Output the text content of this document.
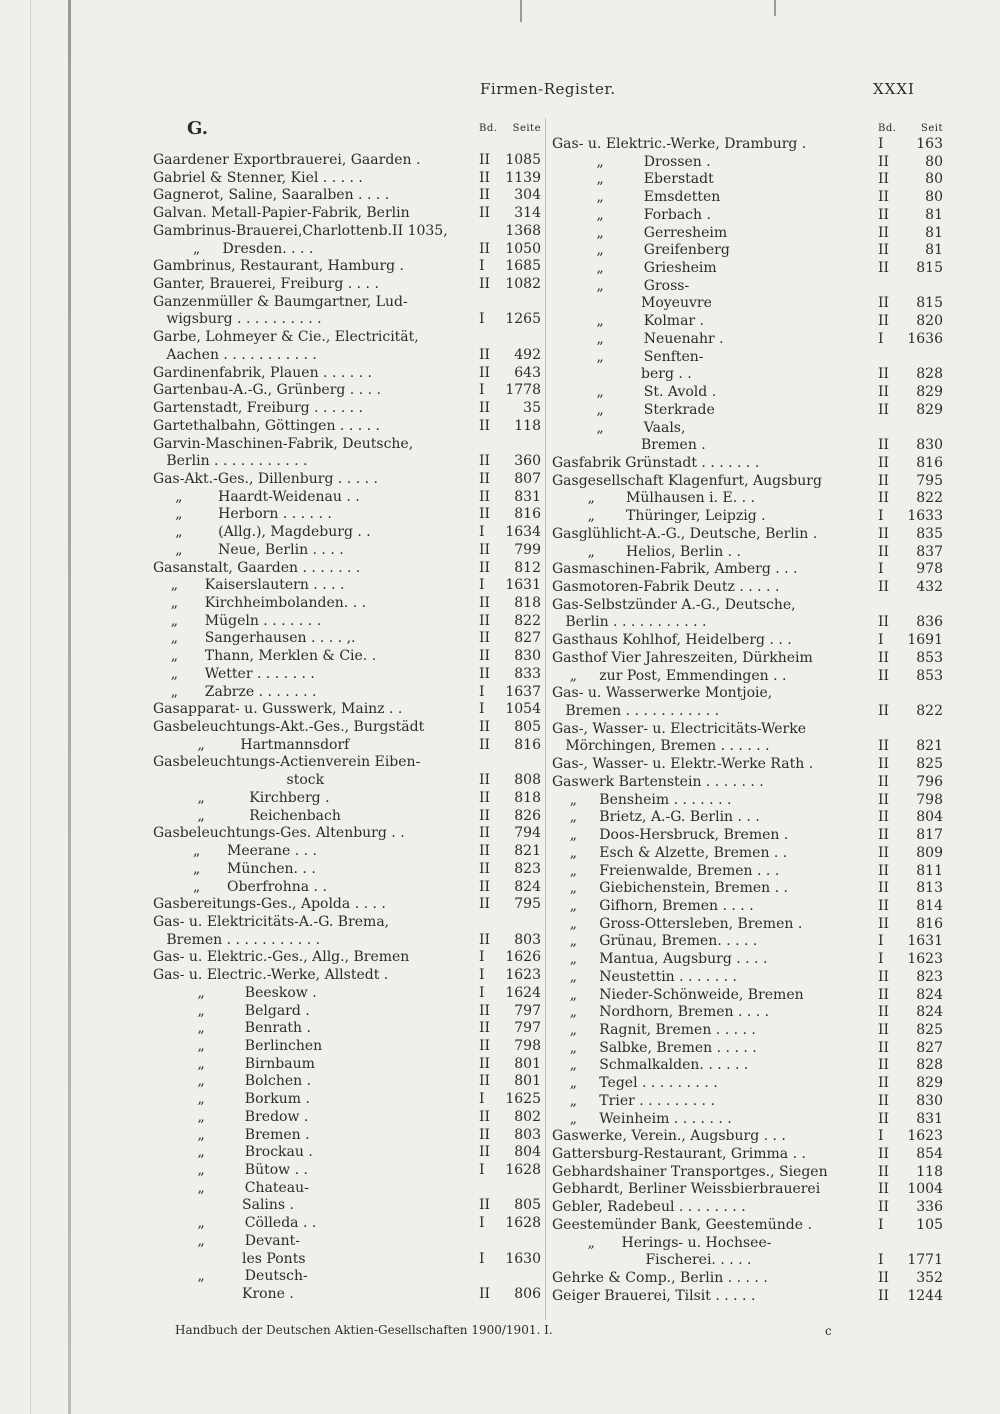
Firmen-Register.	XXXI
G.	Bd. Seite
Gaardener Exportbrauerei, Gaarden .	II 1085
Gabriel & Stenner, Kiel . . . . .	II 1139
Gagnerot, Saline, Saaralben . . . .	II 304
Galvan. Metall-Papier-Fabrik, Berlin	II 314
Gambrinus-Brauerei,Charlottenb.II 1035,	1368
„     Dresden. . . .	II 1050
Gambrinus, Restaurant, Hamburg .	I 1685
Ganter, Brauerei, Freiburg . . . .	II 1082
Ganzenmüller & Baumgartner, Lud-
wigsburg . . . . . . . . . .	I 1265
Garbe, Lohmeyer & Cie., Electricität,
Aachen . . . . . . . . . . .	II 492
Gardinenfabrik, Plauen . . . . . .	II 643
Gartenbau-A.-G., Grünberg . . . .	I 1778
Gartenstadt, Freiburg . . . . . .	II 35
Gartethalbahn, Göttingen . . . . .	II 118
Garvin-Maschinen-Fabrik, Deutsche,
Berlin . . . . . . . . . . .	II 360
Gas-Akt.-Ges., Dillenburg . . . . .	II 807
„        Haardt-Weidenau . .	II 831
„        Herborn . . . . . .	II 816
„        (Allg.), Magdeburg . .	I 1634
„        Neue, Berlin . . . .	II 799
Gasanstalt, Gaarden . . . . . . .	II 812
„      Kaiserslautern . . . .	I 1631
„      Kirchheimbolanden. . .	II 818
„      Mügeln . . . . . . .	II 822
„      Sangerhausen . . . . ,.	II 827
„      Thann, Merklen & Cie. .	II 830
„      Wetter . . . . . . .	II 833
„      Zabrze . . . . . . .	I 1637
Gasapparat- u. Gusswerk, Mainz . .	I 1054
Gasbeleuchtungs-Akt.-Ges., Burgstädt	II 805
„        Hartmannsdorf	II 816
Gasbeleuchtungs-Actienverein Eiben-
stock	II 808
„          Kirchberg .	II 818
„          Reichenbach	II 826
Gasbeleuchtungs-Ges. Altenburg . .	II 794
„      Meerane . . .	II 821
„      München. . .	II 823
„      Oberfrohna . .	II 824
Gasbereitungs-Ges., Apolda . . . .	II 795
Gas- u. Elektricitäts-A.-G. Brema,
Bremen . . . . . . . . . . .	II 803
Gas- u. Elektric.-Ges., Allg., Bremen	I 1626
Gas- u. Electric.-Werke, Allstedt .	I 1623
„         Beeskow .	I 1624
„         Belgard .	II 797
„         Benrath .	II 797
„         Berlinchen	II 798
„         Birnbaum	II 801
„         Bolchen .	II 801
„         Borkum .	I 1625
„         Bredow .	II 802
„         Bremen .	II 803
„         Brockau .	II 804
„         Bütow . .	I 1628
„         Chateau-
Salins .	II 805
„         Cölleda . .	I 1628
„         Devant-
les Ponts	I 1630
„         Deutsch-
Krone .	II 806
Bd. Seit
Gas- u. Elektric.-Werke, Dramburg .	I 163
„         Drossen .	II	80
„         Eberstadt	II	80
„         Emsdetten	II	80
„         Forbach .	II	81
„         Gerresheim	II	81
„         Greifenberg	II	81
„         Griesheim	II 815
„         Gross-
Moyeuvre	II 815
„         Kolmar .	II 820
„         Neuenahr .	I 1636
„         Senften-
berg . .	II 828
„         St. Avold .	II 829
„         Sterkrade	II 829
„         Vaals,
Bremen .	II 830
Gasfabrik Grünstadt . . . . . . .	II 816
Gasgesellschaft Klagenfurt, Augsburg	II 795
„       Mülhausen i. E. . .	II 822
„       Thüringer, Leipzig .	I 1633
Gasglühlicht-A.-G., Deutsche, Berlin .	II 835
„       Helios, Berlin . .	II 837
Gasmaschinen-Fabrik, Amberg . . .	I 978
Gasmotoren-Fabrik Deutz . . . . .	II 432
Gas-Selbstzünder A.-G., Deutsche,
Berlin . . . . . . . . . . .	II 836
Gasthaus Kohlhof, Heidelberg . . .	I 1691
Gasthof Vier Jahreszeiten, Dürkheim	II 853
„     zur Post, Emmendingen . .	II 853
Gas- u. Wasserwerke Montjoie,
Bremen . . . . . . . . . . .	II 822
Gas-, Wasser- u. Electricitäts-Werke
Mörchingen, Bremen . . . . . .	II 821
Gas-, Wasser- u. Elektr.-Werke Rath .	II 825
Gaswerk Bartenstein . . . . . . .	II 796
„     Bensheim . . . . . . .	II 798
„     Brietz, A.-G. Berlin . . .	II 804
„     Doos-Hersbruck, Bremen .	II 817
„     Esch & Alzette, Bremen . .	II 809
„     Freienwalde, Bremen . . .	II 811
„     Giebichenstein, Bremen . .	II 813
„     Gifhorn, Bremen . . . .	II 814
„     Gross-Ottersleben, Bremen .	II 816
„     Grünau, Bremen. . . . .	I 1631
„     Mantua, Augsburg . . . .	I 1623
„     Neustettin . . . . . . .	II 823
„     Nieder-Schönweide, Bremen	II 824
„     Nordhorn, Bremen . . . .	II 824
„     Ragnit, Bremen . . . . .	II 825
„     Salbke, Bremen . . . . .	II 827
„     Schmalkalden. . . . . .	II 828
„     Tegel . . . . . . . . .	II 829
„     Trier . . . . . . . . .	II 830
„     Weinheim . . . . . . .	II 831
Gaswerke, Verein., Augsburg . . .	I 1623
Gattersburg-Restaurant, Grimma . .	II 854
Gebhardshainer Transportges., Siegen	II 118
Gebhardt, Berliner Weissbierbrauerei	II 1004
Gebler, Radebeul . . . . . . . .	II 336
Geestemünder Bank, Geestemünde .	I 105
„      Herings- u. Hochsee-
Fischerei. . . . .	I 1771
Gehrke & Comp., Berlin . . . . .	II 352
Geiger Brauerei, Tilsit . . . . .	II 1244
Handbuch der Deutschen Aktien-Gesellschaften 1900/1901. I.	c
